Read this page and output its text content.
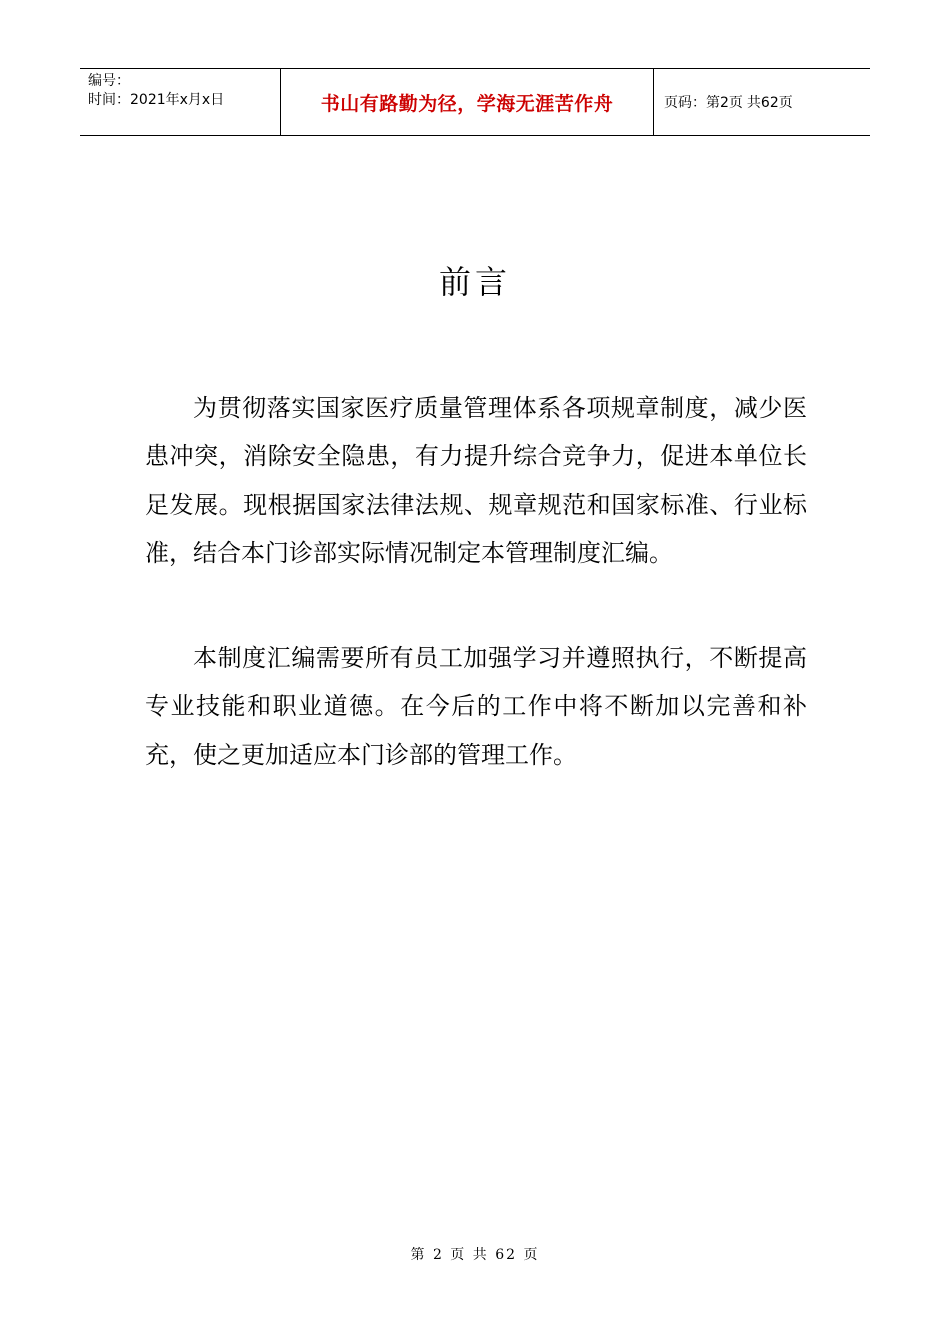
编号：
时间：2021年x月x日	书山有路勤为径，学海无涯苦作舟	页码：第2页 共62页
前言

为贯彻落实国家医疗质量管理体系各项规章制度，减少医患冲突，消除安全隐患，有力提升综合竞争力，促进本单位长足发展。现根据国家法律法规、规章规范和国家标准、行业标准，结合本门诊部实际情况制定本管理制度汇编。

本制度汇编需要所有员工加强学习并遵照执行，不断提高专业技能和职业道德。在今后的工作中将不断加以完善和补充，使之更加适应本门诊部的管理工作。

第 2 页 共 62 页
